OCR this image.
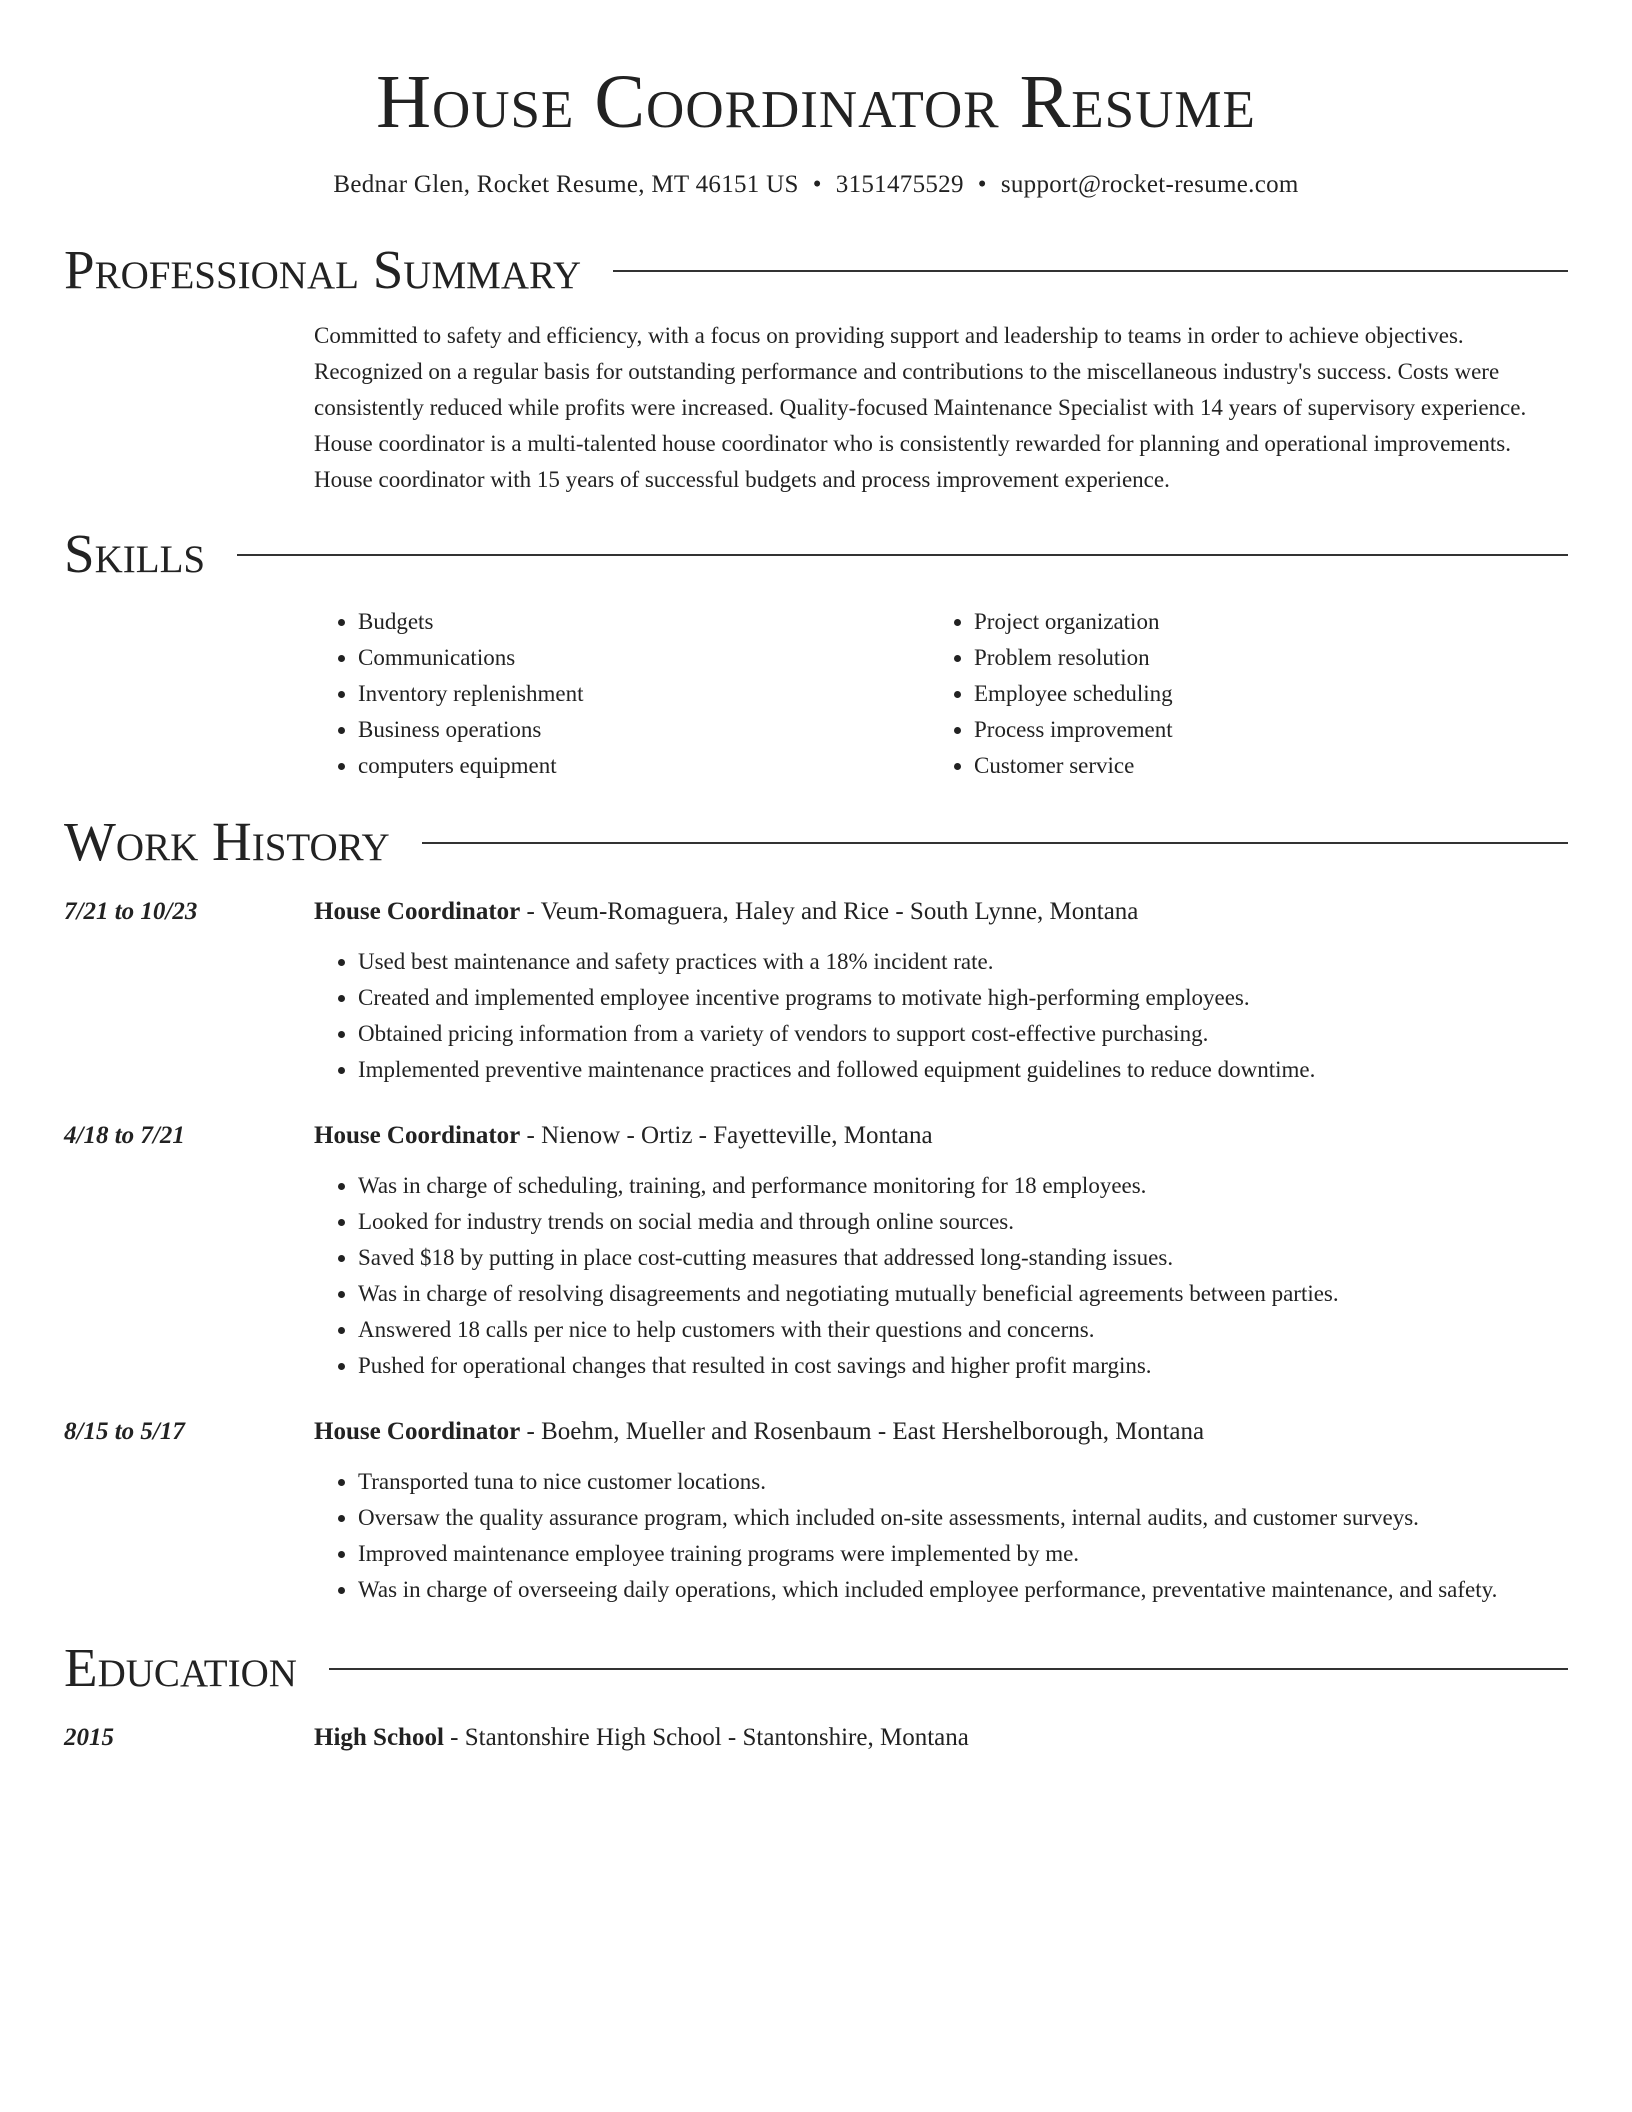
House Coordinator Resume
Bednar Glen, Rocket Resume, MT 46151 US • 3151475529 • support@rocket-resume.com
Professional Summary
Committed to safety and efficiency, with a focus on providing support and leadership to teams in order to achieve objectives. Recognized on a regular basis for outstanding performance and contributions to the miscellaneous industry's success. Costs were consistently reduced while profits were increased. Quality-focused Maintenance Specialist with 14 years of supervisory experience. House coordinator is a multi-talented house coordinator who is consistently rewarded for planning and operational improvements. House coordinator with 15 years of successful budgets and process improvement experience.
Skills
• Budgets
• Communications
• Inventory replenishment
• Business operations
• computers equipment
• Project organization
• Problem resolution
• Employee scheduling
• Process improvement
• Customer service
Work History
7/21 to 10/23	House Coordinator - Veum-Romaguera, Haley and Rice - South Lynne, Montana
• Used best maintenance and safety practices with a 18% incident rate.
• Created and implemented employee incentive programs to motivate high-performing employees.
• Obtained pricing information from a variety of vendors to support cost-effective purchasing.
• Implemented preventive maintenance practices and followed equipment guidelines to reduce downtime.
4/18 to 7/21	House Coordinator - Nienow - Ortiz - Fayetteville, Montana
• Was in charge of scheduling, training, and performance monitoring for 18 employees.
• Looked for industry trends on social media and through online sources.
• Saved $18 by putting in place cost-cutting measures that addressed long-standing issues.
• Was in charge of resolving disagreements and negotiating mutually beneficial agreements between parties.
• Answered 18 calls per nice to help customers with their questions and concerns.
• Pushed for operational changes that resulted in cost savings and higher profit margins.
8/15 to 5/17	House Coordinator - Boehm, Mueller and Rosenbaum - East Hershelborough, Montana
• Transported tuna to nice customer locations.
• Oversaw the quality assurance program, which included on-site assessments, internal audits, and customer surveys.
• Improved maintenance employee training programs were implemented by me.
• Was in charge of overseeing daily operations, which included employee performance, preventative maintenance, and safety.
Education
2015	High School - Stantonshire High School - Stantonshire, Montana
